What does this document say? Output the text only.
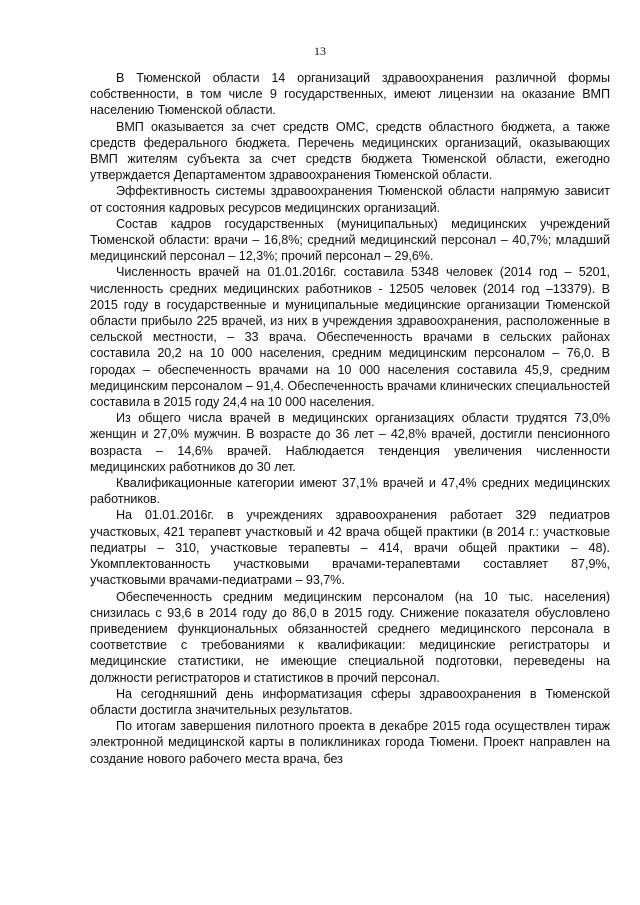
13

В Тюменской области 14 организаций здравоохранения различной формы собственности, в том числе 9 государственных, имеют лицензии на оказание ВМП населению Тюменской области.

ВМП оказывается за счет средств ОМС, средств областного бюджета, а также средств федерального бюджета. Перечень медицинских организаций, оказывающих ВМП жителям субъекта за счет средств бюджета Тюменской области, ежегодно утверждается Департаментом здравоохранения Тюменской области.

Эффективность системы здравоохранения Тюменской области напрямую зависит от состояния кадровых ресурсов медицинских организаций.

Состав кадров государственных (муниципальных) медицинских учреждений Тюменской области: врачи – 16,8%; средний медицинский персонал – 40,7%; младший медицинский персонал – 12,3%; прочий персонал – 29,6%.

Численность врачей на 01.01.2016г. составила 5348 человек (2014 год – 5201, численность средних медицинских работников - 12505 человек (2014 год –13379). В 2015 году в государственные и муниципальные медицинские организации Тюменской области прибыло 225 врачей, из них в учреждения здравоохранения, расположенные в сельской местности, – 33 врача. Обеспеченность врачами в сельских районах составила 20,2 на 10 000 населения, средним медицинским персоналом – 76,0. В городах – обеспеченность врачами на 10 000 населения составила 45,9, средним медицинским персоналом – 91,4. Обеспеченность врачами клинических специальностей составила в 2015 году 24,4 на 10 000 населения.

Из общего числа врачей в медицинских организациях области трудятся 73,0% женщин и 27,0% мужчин. В возрасте до 36 лет – 42,8% врачей, достигли пенсионного возраста – 14,6% врачей. Наблюдается тенденция увеличения численности медицинских работников до 30 лет.

Квалификационные категории имеют 37,1% врачей и 47,4% средних медицинских работников.

На 01.01.2016г. в учреждениях здравоохранения работает 329 педиатров участковых, 421 терапевт участковый и 42 врача общей практики (в 2014 г.: участковые педиатры – 310, участковые терапевты – 414, врачи общей практики – 48). Укомплектованность участковыми врачами-терапевтами составляет 87,9%, участковыми врачами-педиатрами – 93,7%.

Обеспеченность средним медицинским персоналом (на 10 тыс. населения) снизилась с 93,6 в 2014 году до 86,0 в 2015 году. Снижение показателя обусловлено приведением функциональных обязанностей среднего медицинского персонала в соответствие с требованиями к квалификации: медицинские регистраторы и медицинские статистики, не имеющие специальной подготовки, переведены на должности регистраторов и статистиков в прочий персонал.

На сегодняшний день информатизация сферы здравоохранения в Тюменской области достигла значительных результатов.

По итогам завершения пилотного проекта в декабре 2015 года осуществлен тираж электронной медицинской карты в поликлиниках города Тюмени. Проект направлен на создание нового рабочего места врача, без
